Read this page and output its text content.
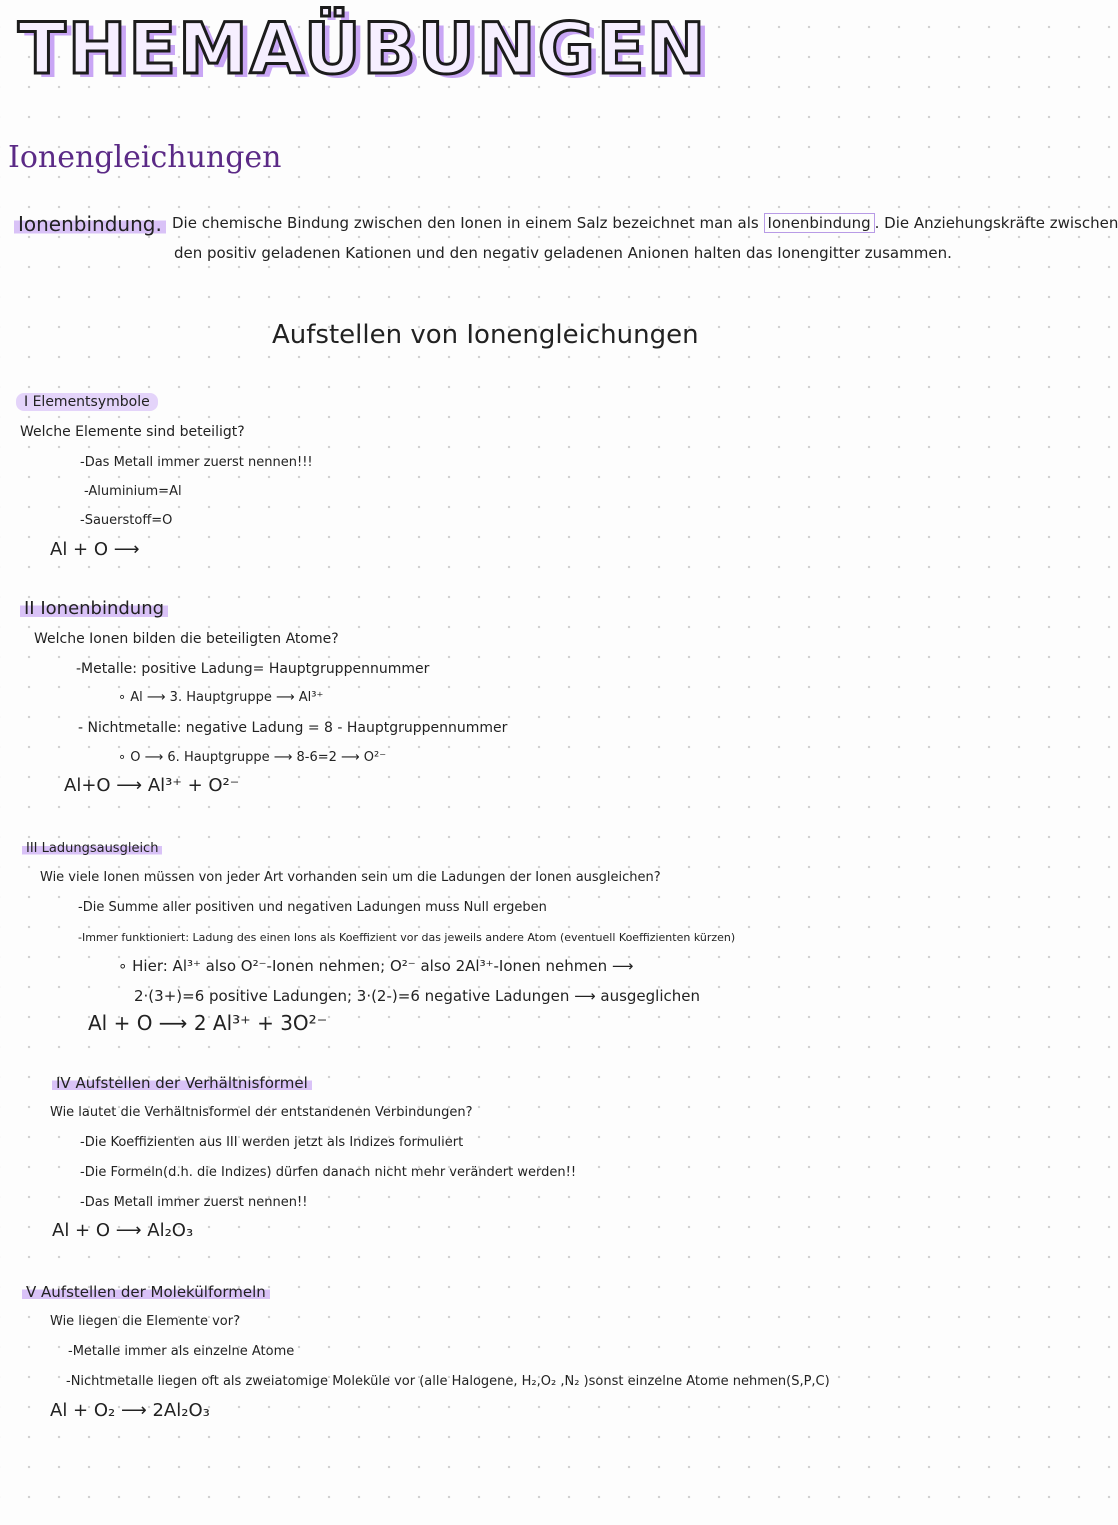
THEMAÜBUNGEN
Ionengleichungen
Ionenbindung. Die chemische Bindung zwischen den Ionen in einem Salz bezeichnet man als Ionenbindung . Die Anziehungskräfte zwischen
den positiv geladenen Kationen und den negativ geladenen Anionen halten das Ionengitter zusammen.
Aufstellen von Ionengleichungen
I Elementsymbole
Welche Elemente sind beteiligt?
-Das Metall immer zuerst nennen!!!
-Aluminium=Al
-Sauerstoff=O
Al + O ⟶
II Ionenbindung
Welche Ionen bilden die beteiligten Atome?
-Metalle: positive Ladung= Hauptgruppennummer
∘ Al ⟶ 3. Hauptgruppe ⟶ Al³⁺
- Nichtmetalle: negative Ladung = 8 - Hauptgruppennummer
∘ O ⟶ 6. Hauptgruppe ⟶ 8-6=2 ⟶ O²⁻
Al+O ⟶ Al³⁺ + O²⁻
III Ladungsausgleich
Wie viele Ionen müssen von jeder Art vorhanden sein um die Ladungen der Ionen ausgleichen?
-Die Summe aller positiven und negativen Ladungen muss Null ergeben
-Immer funktioniert: Ladung des einen Ions als Koeffizient vor das jeweils andere Atom (eventuell Koeffizienten kürzen)
∘ Hier: Al³⁺ also O²⁻-Ionen nehmen; O²⁻ also 2Al³⁺-Ionen nehmen ⟶
2·(3+)=6 positive Ladungen; 3·(2-)=6 negative Ladungen ⟶ ausgeglichen
Al + O ⟶ 2 Al³⁺ + 3O²⁻
IV Aufstellen der Verhältnisformel
Wie lautet die Verhältnisformel der entstandenen Verbindungen?
-Die Koeffizienten aus III werden jetzt als Indizes formuliert
-Die Formeln(d.h. die Indizes) dürfen danach nicht mehr verändert werden!!
-Das Metall immer zuerst nennen!!
Al + O ⟶ Al₂O₃
V Aufstellen der Molekülformeln
Wie liegen die Elemente vor?
-Metalle immer als einzelne Atome
-Nichtmetalle liegen oft als zweiatomige Moleküle vor (alle Halogene, H₂,O₂ ,N₂ )sonst einzelne Atome nehmen(S,P,C)
Al + O₂ ⟶ 2Al₂O₃
